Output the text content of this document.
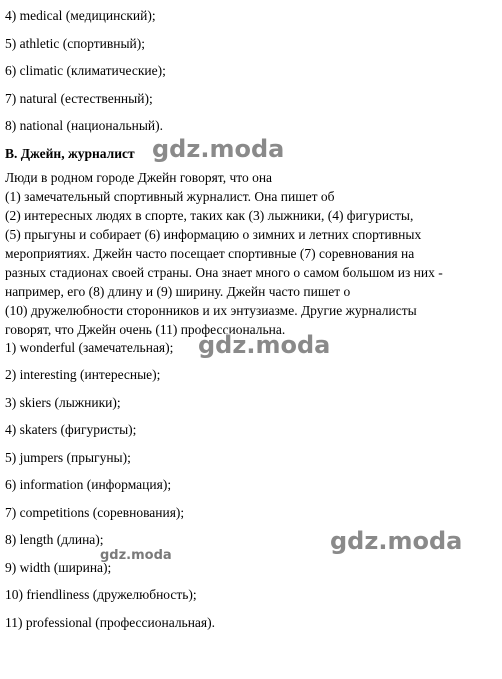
4) medical (медицинский);
5) athletic (спортивный);
6) climatic (климатические);
7) natural (естественный);
8) national (национальный).
В. Джейн, журналист
Люди в родном городе Джейн говорят, что она
(1) замечательный спортивный журналист. Она пишет об
(2) интересных людях в спорте, таких как (3) лыжники, (4) фигуристы,
(5) прыгуны и собирает (6) информацию о зимних и летних спортивных
мероприятиях. Джейн часто посещает спортивные (7) соревнования на
разных стадионах своей страны. Она знает много о самом большом из них -
например, его (8) длину и (9) ширину. Джейн часто пишет о
(10) дружелюбности сторонников и их энтузиазме. Другие журналисты
говорят, что Джейн очень (11) профессиональна.
1) wonderful (замечательная);
2) interesting (интересные);
3) skiers (лыжники);
4) skaters (фигуристы);
5) jumpers (прыгуны);
6) information (информация);
7) competitions (соревнования);
8) length (длина);
9) width (ширина);
10) friendliness (дружелюбность);
11) professional (профессиональная).
gdz.moda
gdz.moda
gdz.moda
gdz.moda
